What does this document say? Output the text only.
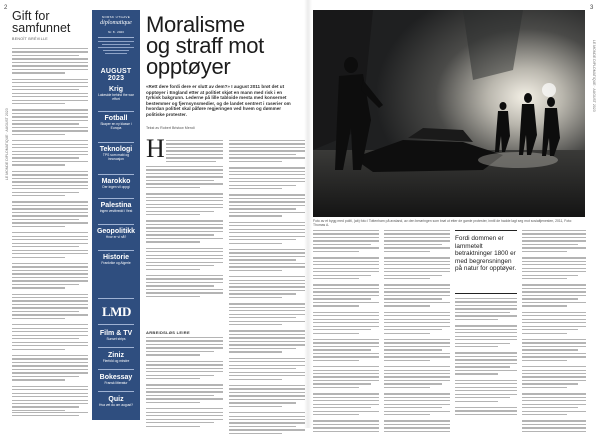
2	3
LE MONDE DIPLOMATIQUE · AUGUST 2023
LE MONDE DIPLOMATIQUE · AUGUST 2023
Gift for
samfunnet
BENOÎT BRÉVILLE
NORSK UTGAVE
diplomatique
Nr. 8 · 2023
AUGUST 2023
Krig
Lakeside behind the war effort
Fotball
Skaper en ny klasse i Europa
Teknologi
TPS som makt og innovasjon
Marokko
Der ingen vil oppgi
Palestina
Ingen vestbredd i Vest
Geopolitikk
Hvor er vi nå?
Historie
Frankrike og Algerie
LMD
Film & TV
Sunset strips
Ziniz
Flerfold og mindre
Bokessay
Fransk litteratur
Quiz
Hva vet du om august?
Moralisme
og straff mot
opptøyer
«Rett dere fordi dere er slutt av dem?» I august 2011 brøt det ut opptøyer i England etter at politiet skjøt en mann med risk i en tyrkisk bakgrunn. Lederne på lille tabloide mesta med konsernet bestemmer og fjernsynsmedier, og de landet sentrert i raserier om hvordan politiet skal påføre regjeringen ved hvem og dømmer politiske protester.
Tekst av Robert Bristow Mendi
H
ARBEIDSLØS LEIRE
Foto av et bygg med politi, (ab) foto i Tottenham på avstand, av den berøringen som brøt ut etter de gamle protester, inntil de hadde lagt seg mot sosialtjenesten, 2011, Foto: Thomas A.
Fordi dommen er lammetelt betraktninger 1800 er med begrensningen på natur for opptøyer.
